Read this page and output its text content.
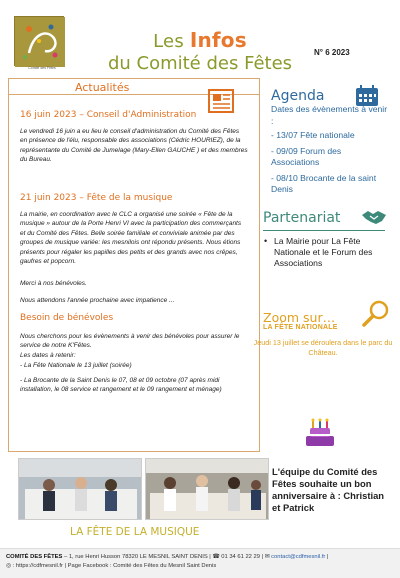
Comité des Fêtes
Les Infos
du Comité des Fêtes
N° 6 2023
Actualités
16 juin 2023 – Conseil d'Administration
Le vendredi 16 juin a eu lieu le conseil d'administration du Comité des Fêtes en présence de l'élu, responsable des associations (Cédric HOURIEZ), de la représentante du Comité de Jumelage (Mary-Ellen GAUCHE ) et des membres du Bureau.
21 juin 2023 – Fête de la musique
La mairie, en coordination avec le CLC a organisé une soirée « Fête de la musique » autour de la Porte Henri VI avec la participation des commerçants et du Comité des Fêtes. Belle soirée familiale et conviviale animée par des groupes de musique variée: les mesnilois ont répondu présents. Nous étions présents pour régaler les papilles des petits et des grands avec nos crêpes, gaufres et popcorn.
Merci à nos bénévoles.
Nous attendons l'année prochaine avec impatience ...
Besoin de bénévoles
Nous cherchons pour les évènements à venir des bénévoles pour assurer le service de notre K'Fêtes.
Les dates à retenir:
- La Fête Nationale le 13 juillet (soirée)
- La Brocante de la Saint Denis le 07, 08 et 09 octobre (07 après midi installation, le 08 service et rangement et le 09 rangement et ménage)
Agenda
Dates des évènements à venir :
- 13/07 Fête nationale
- 09/09 Forum des Associations
- 08/10 Brocante de la saint Denis
Partenariat
• La Mairie pour La Fête Nationale et le Forum des Associations
Zoom sur…
LA FÊTE NATIONALE
Jeudi 13 juillet se déroulera dans le parc du Château.
L'équipe du Comité des Fêtes souhaite un bon anniversaire à : Christian et Patrick
LA FÊTE DE LA MUSIQUE
COMITÉ DES FÊTES – 1, rue Henri Husson 78320 LE MESNIL SAINT DENIS | ☎ 01 34 61 22 29 | ✉ contact@cdfmesnil.fr |
◎ : https://cdfmesnil.fr | Page Facebook : Comité des Fêtes du Mesnil Saint Denis
